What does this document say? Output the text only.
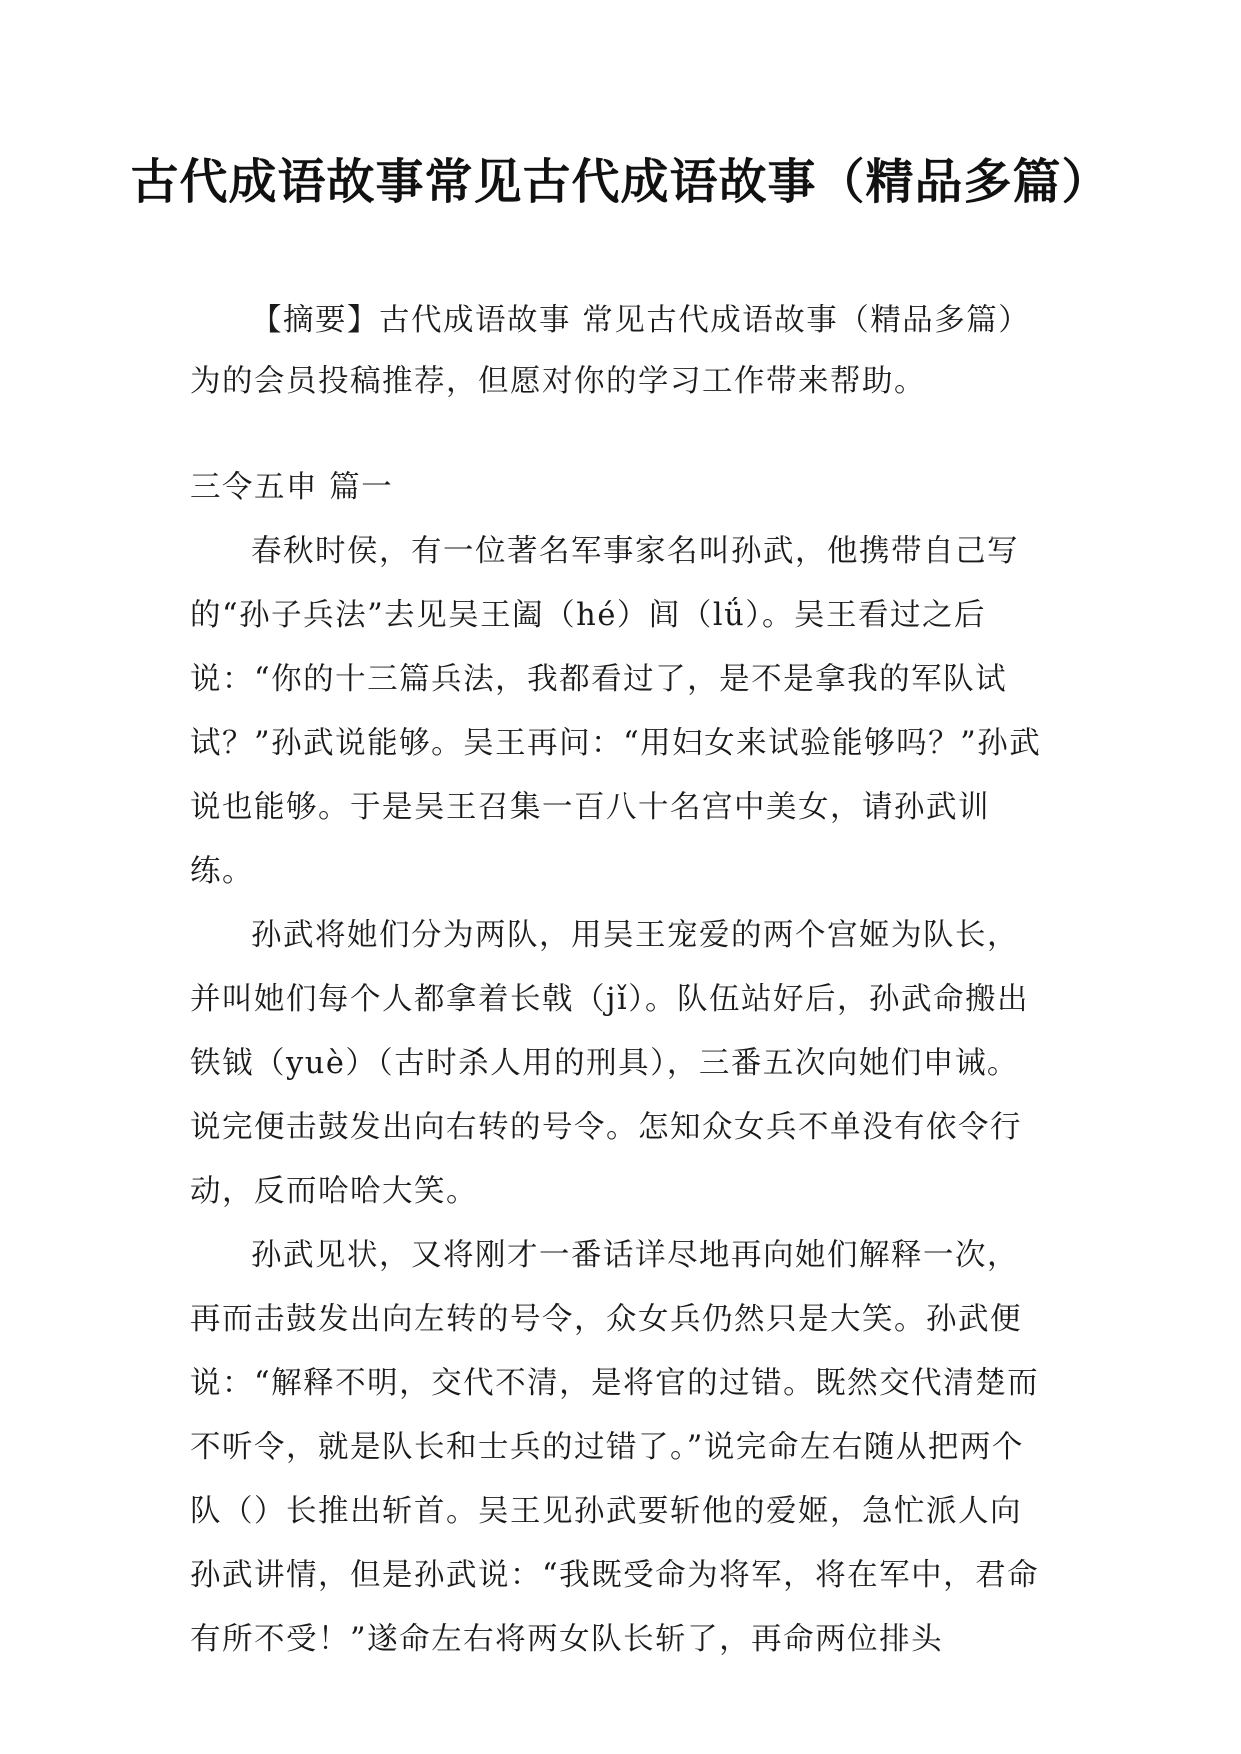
古代成语故事常见古代成语故事（精品多篇）
【摘要】古代成语故事 常见古代成语故事（精品多篇）为的会员投稿推荐，但愿对你的学习工作带来帮助。
三令五申 篇一

春秋时侯，有一位著名军事家名叫孙武，他携带自己写的“孙子兵法”去见吴王阖（hé）闾（lǘ）。吴王看过之后说：“你的十三篇兵法，我都看过了，是不是拿我的军队试试？”孙武说能够。吴王再问：“用妇女来试验能够吗？”孙武说也能够。于是吴王召集一百八十名宫中美女，请孙武训练。

孙武将她们分为两队，用吴王宠爱的两个宫姬为队长，并叫她们每个人都拿着长戟（jǐ）。队伍站好后，孙武命搬出铁钺（yuè）（古时杀人用的刑具），三番五次向她们申诫。说完便击鼓发出向右转的号令。怎知众女兵不单没有依令行动，反而哈哈大笑。

孙武见状，又将刚才一番话详尽地再向她们解释一次，再而击鼓发出向左转的号令，众女兵仍然只是大笑。孙武便说：“解释不明，交代不清，是将官的过错。既然交代清楚而不听令，就是队长和士兵的过错了。”说完命左右随从把两个队（）长推出斩首。吴王见孙武要斩他的爱姬，急忙派人向孙武讲情，但是孙武说：“我既受命为将军，将在军中，君命有所不受！”遂命左右将两女队长斩了，再命两位排头
